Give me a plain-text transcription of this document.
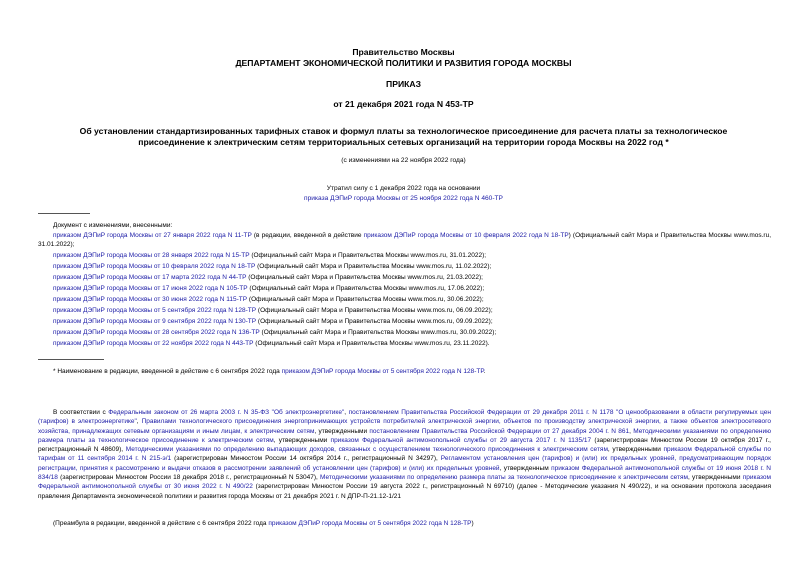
Правительство Москвы
ДЕПАРТАМЕНТ ЭКОНОМИЧЕСКОЙ ПОЛИТИКИ И РАЗВИТИЯ ГОРОДА МОСКВЫ
ПРИКАЗ
от 21 декабря 2021 года N 453-ТР
Об установлении стандартизированных тарифных ставок и формул платы за технологическое присоединение для расчета платы за технологическое
присоединение к электрическим сетям территориальных сетевых организаций на территории города Москвы на 2022 год *
(с изменениями на 22 ноября 2022 года)
Утратил силу с 1 декабря 2022 года на основании
приказа ДЭПиР города Москвы от 25 ноября 2022 года N 460-ТР
Документ с изменениями, внесенными:
приказом ДЭПиР города Москвы от 27 января 2022 года N 11-ТР (в редакции, введенной в действие приказом ДЭПиР города Москвы от 10 февраля 2022 года N 18-ТР) (Официальный сайт Мэра и Правительства Москвы www.mos.ru, 31.01.2022);
приказом ДЭПиР города Москвы от 28 января 2022 года N 15-ТР (Официальный сайт Мэра и Правительства Москвы www.mos.ru, 31.01.2022);
приказом ДЭПиР города Москвы от 10 февраля 2022 года N 18-ТР (Официальный сайт Мэра и Правительства Москвы www.mos.ru, 11.02.2022);
приказом ДЭПиР города Москвы от 17 марта 2022 года N 44-ТР (Официальный сайт Мэра и Правительства Москвы www.mos.ru, 21.03.2022);
приказом ДЭПиР города Москвы от 17 июня 2022 года N 105-ТР (Официальный сайт Мэра и Правительства Москвы www.mos.ru, 17.06.2022);
приказом ДЭПиР города Москвы от 30 июня 2022 года N 115-ТР (Официальный сайт Мэра и Правительства Москвы www.mos.ru, 30.06.2022);
приказом ДЭПиР города Москвы от 5 сентября 2022 года N 128-ТР (Официальный сайт Мэра и Правительства Москвы www.mos.ru, 06.09.2022);
приказом ДЭПиР города Москвы от 9 сентября 2022 года N 130-ТР (Официальный сайт Мэра и Правительства Москвы www.mos.ru, 09.09.2022);
приказом ДЭПиР города Москвы от 28 сентября 2022 года N 136-ТР (Официальный сайт Мэра и Правительства Москвы www.mos.ru, 30.09.2022);
приказом ДЭПиР города Москвы от 22 ноября 2022 года N 443-ТР (Официальный сайт Мэра и Правительства Москвы www.mos.ru, 23.11.2022).
* Наименование в редакции, введенной в действие с 6 сентября 2022 года приказом ДЭПиР города Москвы от 5 сентября 2022 года N 128-ТР.
В соответствии с Федеральным законом от 26 марта 2003 г. N 35-ФЗ "Об электроэнергетике", постановлением Правительства Российской Федерации от 29 декабря 2011 г. N 1178 "О ценообразовании в области регулируемых цен (тарифов) в электроэнергетике", Правилами технологического присоединения энергопринимающих устройств потребителей электрической энергии, объектов по производству электрической энергии, а также объектов электросетевого хозяйства, принадлежащих сетевым организациям и иным лицам, к электрическим сетям, утвержденными постановлением Правительства Российской Федерации от 27 декабря 2004 г. N 861, Методическими указаниями по определению размера платы за технологическое присоединение к электрическим сетям, утвержденными приказом Федеральной антимонопольной службы от 29 августа 2017 г. N 1135/17 (зарегистрирован Минюстом России 19 октября 2017 г., регистрационный N 48609), Методическими указаниями по определению выпадающих доходов, связанных с осуществлением технологического присоединения к электрическим сетям, утвержденными приказом Федеральной службы по тарифам от 11 сентября 2014 г. N 215-э/1 (зарегистрирован Минюстом России 14 октября 2014 г., регистрационный N 34297), Регламентом установления цен (тарифов) и (или) их предельных уровней, предусматривающим порядок регистрации, принятия к рассмотрению и выдачи отказов в рассмотрении заявлений об установлении цен (тарифов) и (или) их предельных уровней, утвержденным приказом Федеральной антимонопольной службы от 19 июня 2018 г. N 834/18 (зарегистрирован Минюстом России 18 декабря 2018 г., регистрационный N 53047), Методическими указаниями по определению размера платы за технологическое присоединение к электрическим сетям, утвержденными приказом Федеральной антимонопольной службы от 30 июня 2022 г. N 490/22 (зарегистрирован Минюстом России 19 августа 2022 г., регистрационный N 69710) (далее - Методические указания N 490/22), и на основании протокола заседания правления Департамента экономической политики и развития города Москвы от 21 декабря 2021 г. N ДПР-П-21.12-1/21
(Преамбула в редакции, введенной в действие с 6 сентября 2022 года приказом ДЭПиР города Москвы от 5 сентября 2022 года N 128-ТР)
